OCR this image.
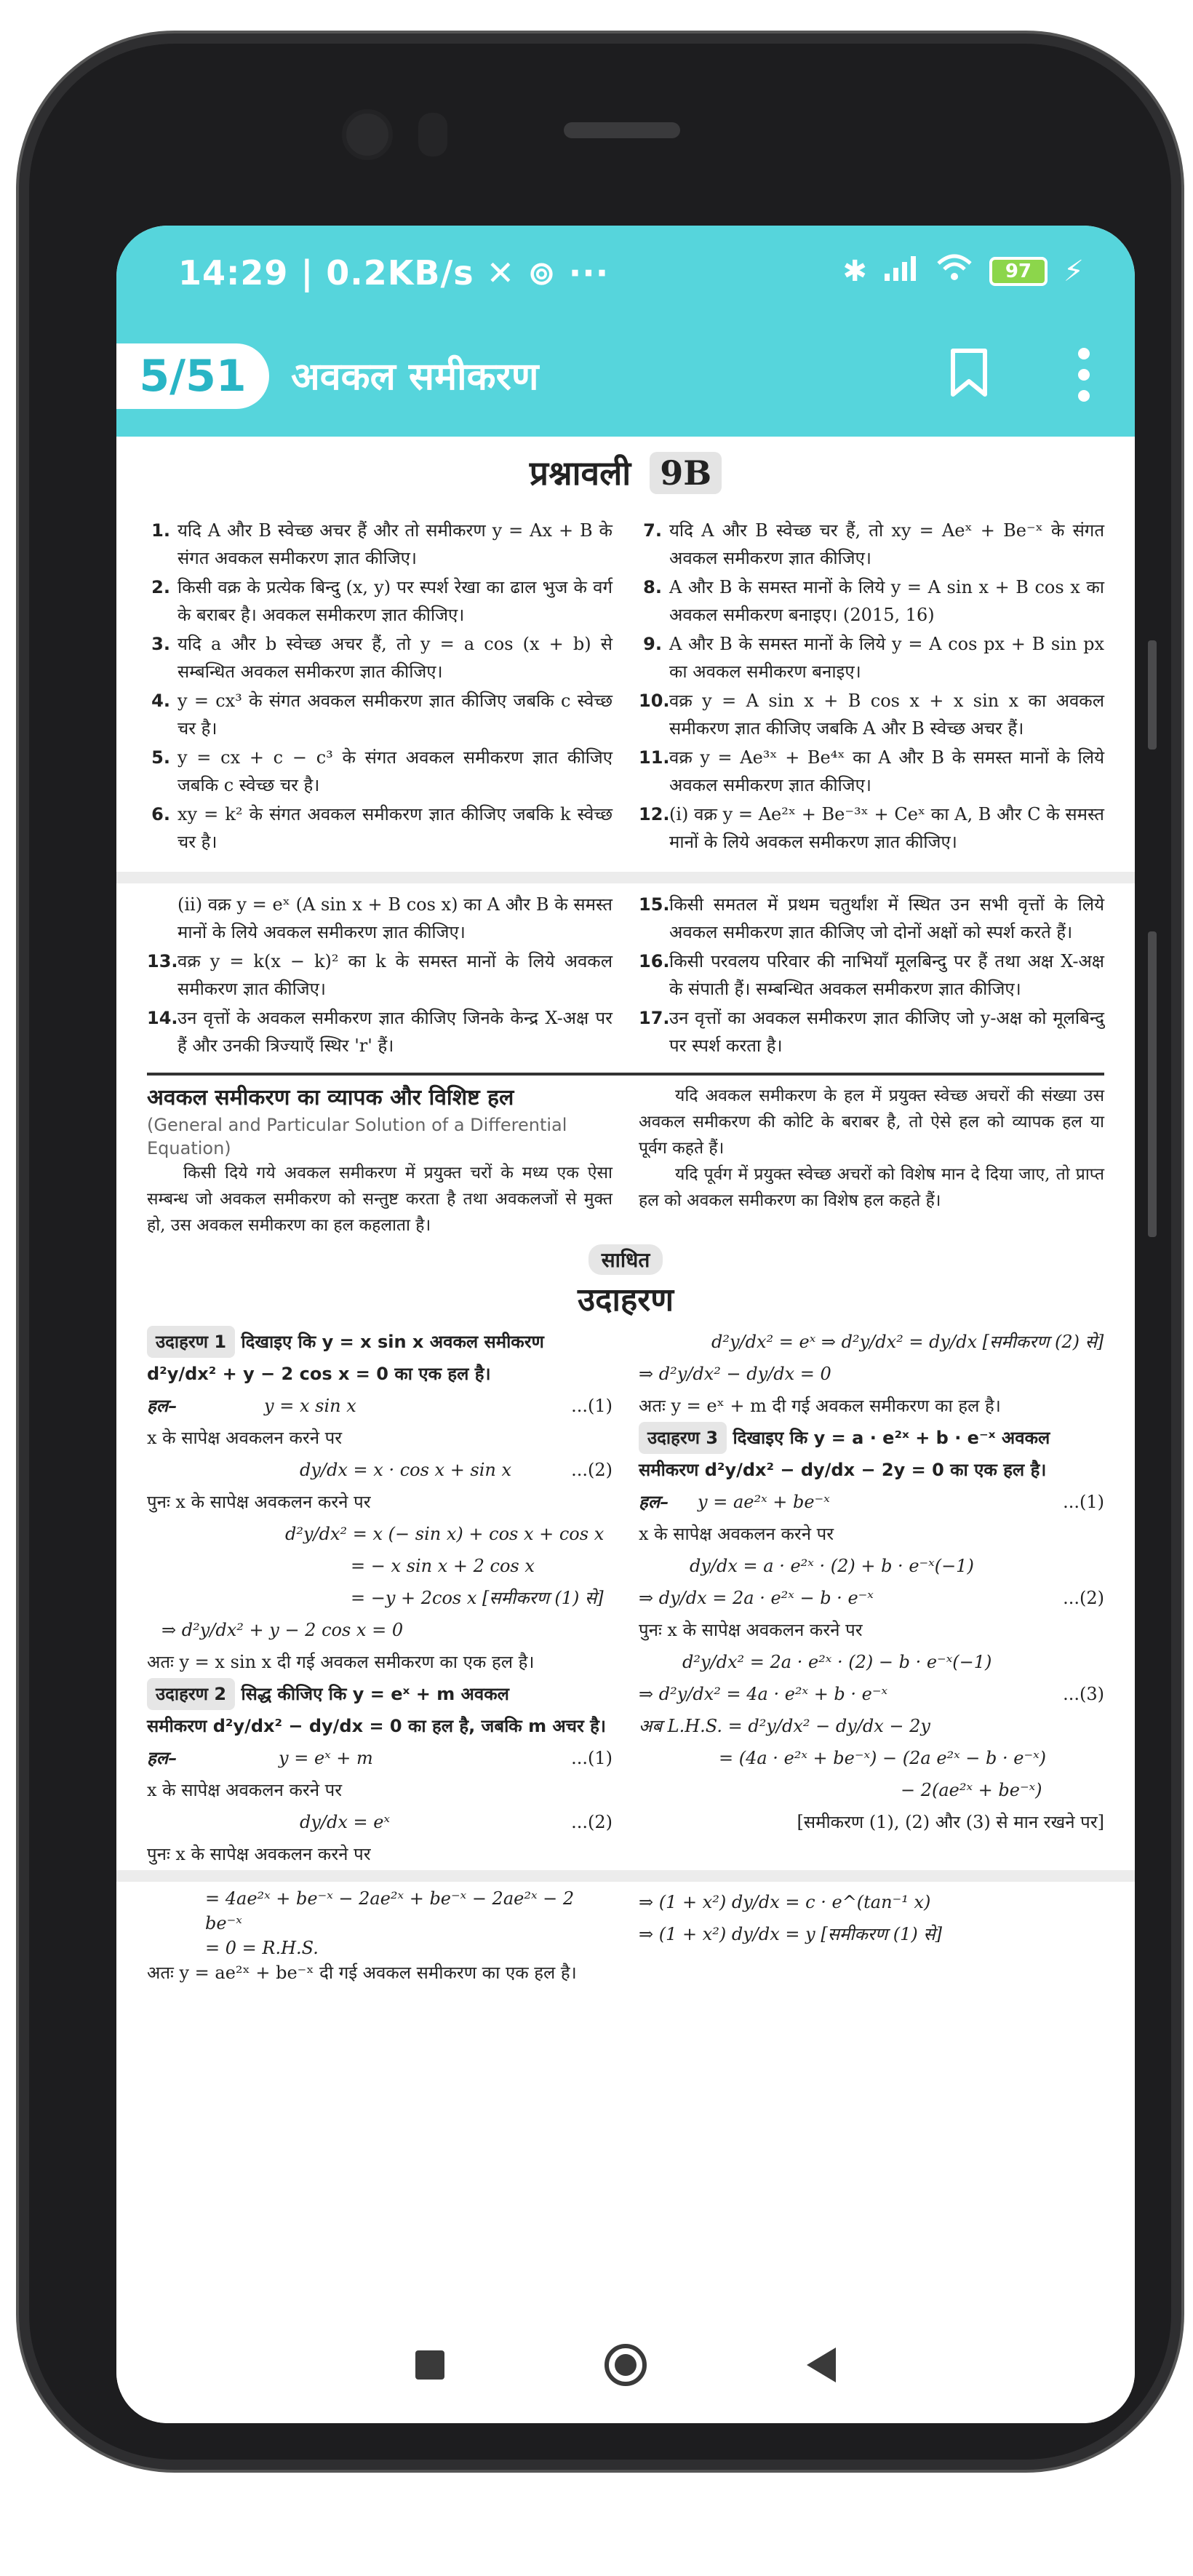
14:29 | 0.2KB/s ✕ ⊚ ···	✱	97	⚡
5/51	अवकल समीकरण
प्रश्नावली 9B
1. यदि A और B स्वेच्छ अचर हैं और तो समीकरण y = Ax + B के संगत अवकल समीकरण ज्ञात कीजिए।
2. किसी वक्र के प्रत्येक बिन्दु (x, y) पर स्पर्श रेखा का ढाल भुज के वर्ग के बराबर है। अवकल समीकरण ज्ञात कीजिए।
3. यदि a और b स्वेच्छ अचर हैं, तो y = a cos (x + b) से सम्बन्धित अवकल समीकरण ज्ञात कीजिए।
4. y = cx³ के संगत अवकल समीकरण ज्ञात कीजिए जबकि c स्वेच्छ चर है।
5. y = cx + c − c³ के संगत अवकल समीकरण ज्ञात कीजिए जबकि c स्वेच्छ चर है।
6. xy = k² के संगत अवकल समीकरण ज्ञात कीजिए जबकि k स्वेच्छ चर है।
7. यदि A और B स्वेच्छ चर हैं, तो xy = Aeˣ + Be⁻ˣ के संगत अवकल समीकरण ज्ञात कीजिए।
8. A और B के समस्त मानों के लिये y = A sin x + B cos x का अवकल समीकरण बनाइए। (2015, 16)
9. A और B के समस्त मानों के लिये y = A cos px + B sin px का अवकल समीकरण बनाइए।
10. वक्र y = A sin x + B cos x + x sin x का अवकल समीकरण ज्ञात कीजिए जबकि A और B स्वेच्छ अचर हैं।
11. वक्र y = Ae³ˣ + Be⁴ˣ का A और B के समस्त मानों के लिये अवकल समीकरण ज्ञात कीजिए।
12. (i) वक्र y = Ae²ˣ + Be⁻³ˣ + Ceˣ का A, B और C के समस्त मानों के लिये अवकल समीकरण ज्ञात कीजिए।
(ii) वक्र y = eˣ (A sin x + B cos x) का A और B के समस्त मानों के लिये अवकल समीकरण ज्ञात कीजिए।
13. वक्र y = k(x − k)² का k के समस्त मानों के लिये अवकल समीकरण ज्ञात कीजिए।
14. उन वृत्तों के अवकल समीकरण ज्ञात कीजिए जिनके केन्द्र X-अक्ष पर हैं और उनकी त्रिज्याएँ स्थिर 'r' हैं।
15. किसी समतल में प्रथम चतुर्थांश में स्थित उन सभी वृत्तों के लिये अवकल समीकरण ज्ञात कीजिए जो दोनों अक्षों को स्पर्श करते हैं।
16. किसी परवलय परिवार की नाभियाँ मूलबिन्दु पर हैं तथा अक्ष X-अक्ष के संपाती हैं। सम्बन्धित अवकल समीकरण ज्ञात कीजिए।
17. उन वृत्तों का अवकल समीकरण ज्ञात कीजिए जो y-अक्ष को मूलबिन्दु पर स्पर्श करता है।
अवकल समीकरण का व्यापक और विशिष्ट हल
(General and Particular Solution of a Differential Equation)

किसी दिये गये अवकल समीकरण में प्रयुक्त चरों के मध्य एक ऐसा सम्बन्ध जो अवकल समीकरण को सन्तुष्ट करता है तथा अवकलजों से मुक्त हो, उस अवकल समीकरण का हल कहलाता है।

यदि अवकल समीकरण के हल में प्रयुक्त स्वेच्छ अचरों की संख्या उस अवकल समीकरण की कोटि के बराबर है, तो ऐसे हल को व्यापक हल या पूर्वग कहते हैं।

यदि पूर्वग में प्रयुक्त स्वेच्छ अचरों को विशेष मान दे दिया जाए, तो प्राप्त हल को अवकल समीकरण का विशेष हल कहते हैं।

साधित
उदाहरण
उदाहरण 1 दिखाइए कि y = x sin x अवकल समीकरण
d²y/dx² + y − 2 cos x = 0 का एक हल है।
हल–	y = x sin x	...(1)
x के सापेक्ष अवकलन करने पर
dy/dx = x · cos x + sin x	...(2)
पुनः x के सापेक्ष अवकलन करने पर
d²y/dx² = x (− sin x) + cos x + cos x
= − x sin x + 2 cos x
= −y + 2cos x [समीकरण (1) से]
⇒ d²y/dx² + y − 2 cos x = 0
अतः y = x sin x दी गई अवकल समीकरण का एक हल है।
उदाहरण 2 सिद्ध कीजिए कि y = eˣ + m अवकल
समीकरण d²y/dx² − dy/dx = 0 का हल है, जबकि m अचर है।
हल–	y = eˣ + m	...(1)
x के सापेक्ष अवकलन करने पर
dy/dx = eˣ	...(2)
पुनः x के सापेक्ष अवकलन करने पर
d²y/dx² = eˣ ⇒ d²y/dx² = dy/dx [समीकरण (2) से]
⇒ d²y/dx² − dy/dx = 0
अतः y = eˣ + m दी गई अवकल समीकरण का हल है।
उदाहरण 3 दिखाइए कि y = a · e²ˣ + b · e⁻ˣ अवकल
समीकरण d²y/dx² − dy/dx − 2y = 0 का एक हल है।
हल– y = ae²ˣ + be⁻ˣ	...(1)
x के सापेक्ष अवकलन करने पर
dy/dx = a · e²ˣ · (2) + b · e⁻ˣ(−1)
⇒ dy/dx = 2a · e²ˣ − b · e⁻ˣ	...(2)
पुनः x के सापेक्ष अवकलन करने पर
d²y/dx² = 2a · e²ˣ · (2) − b · e⁻ˣ(−1)
⇒ d²y/dx² = 4a · e²ˣ + b · e⁻ˣ	...(3)
अब L.H.S. = d²y/dx² − dy/dx − 2y
= (4a · e²ˣ + be⁻ˣ) − (2a e²ˣ − b · e⁻ˣ)
− 2(ae²ˣ + be⁻ˣ)
[समीकरण (1), (2) और (3) से मान रखने पर]
= 4ae²ˣ + be⁻ˣ − 2ae²ˣ + be⁻ˣ − 2ae²ˣ − 2 be⁻ˣ
= 0 = R.H.S.
अतः y = ae²ˣ + be⁻ˣ दी गई अवकल समीकरण का एक हल है।
⇒ (1 + x²) dy/dx = c · e^(tan⁻¹ x)
⇒ (1 + x²) dy/dx = y [समीकरण (1) से]
